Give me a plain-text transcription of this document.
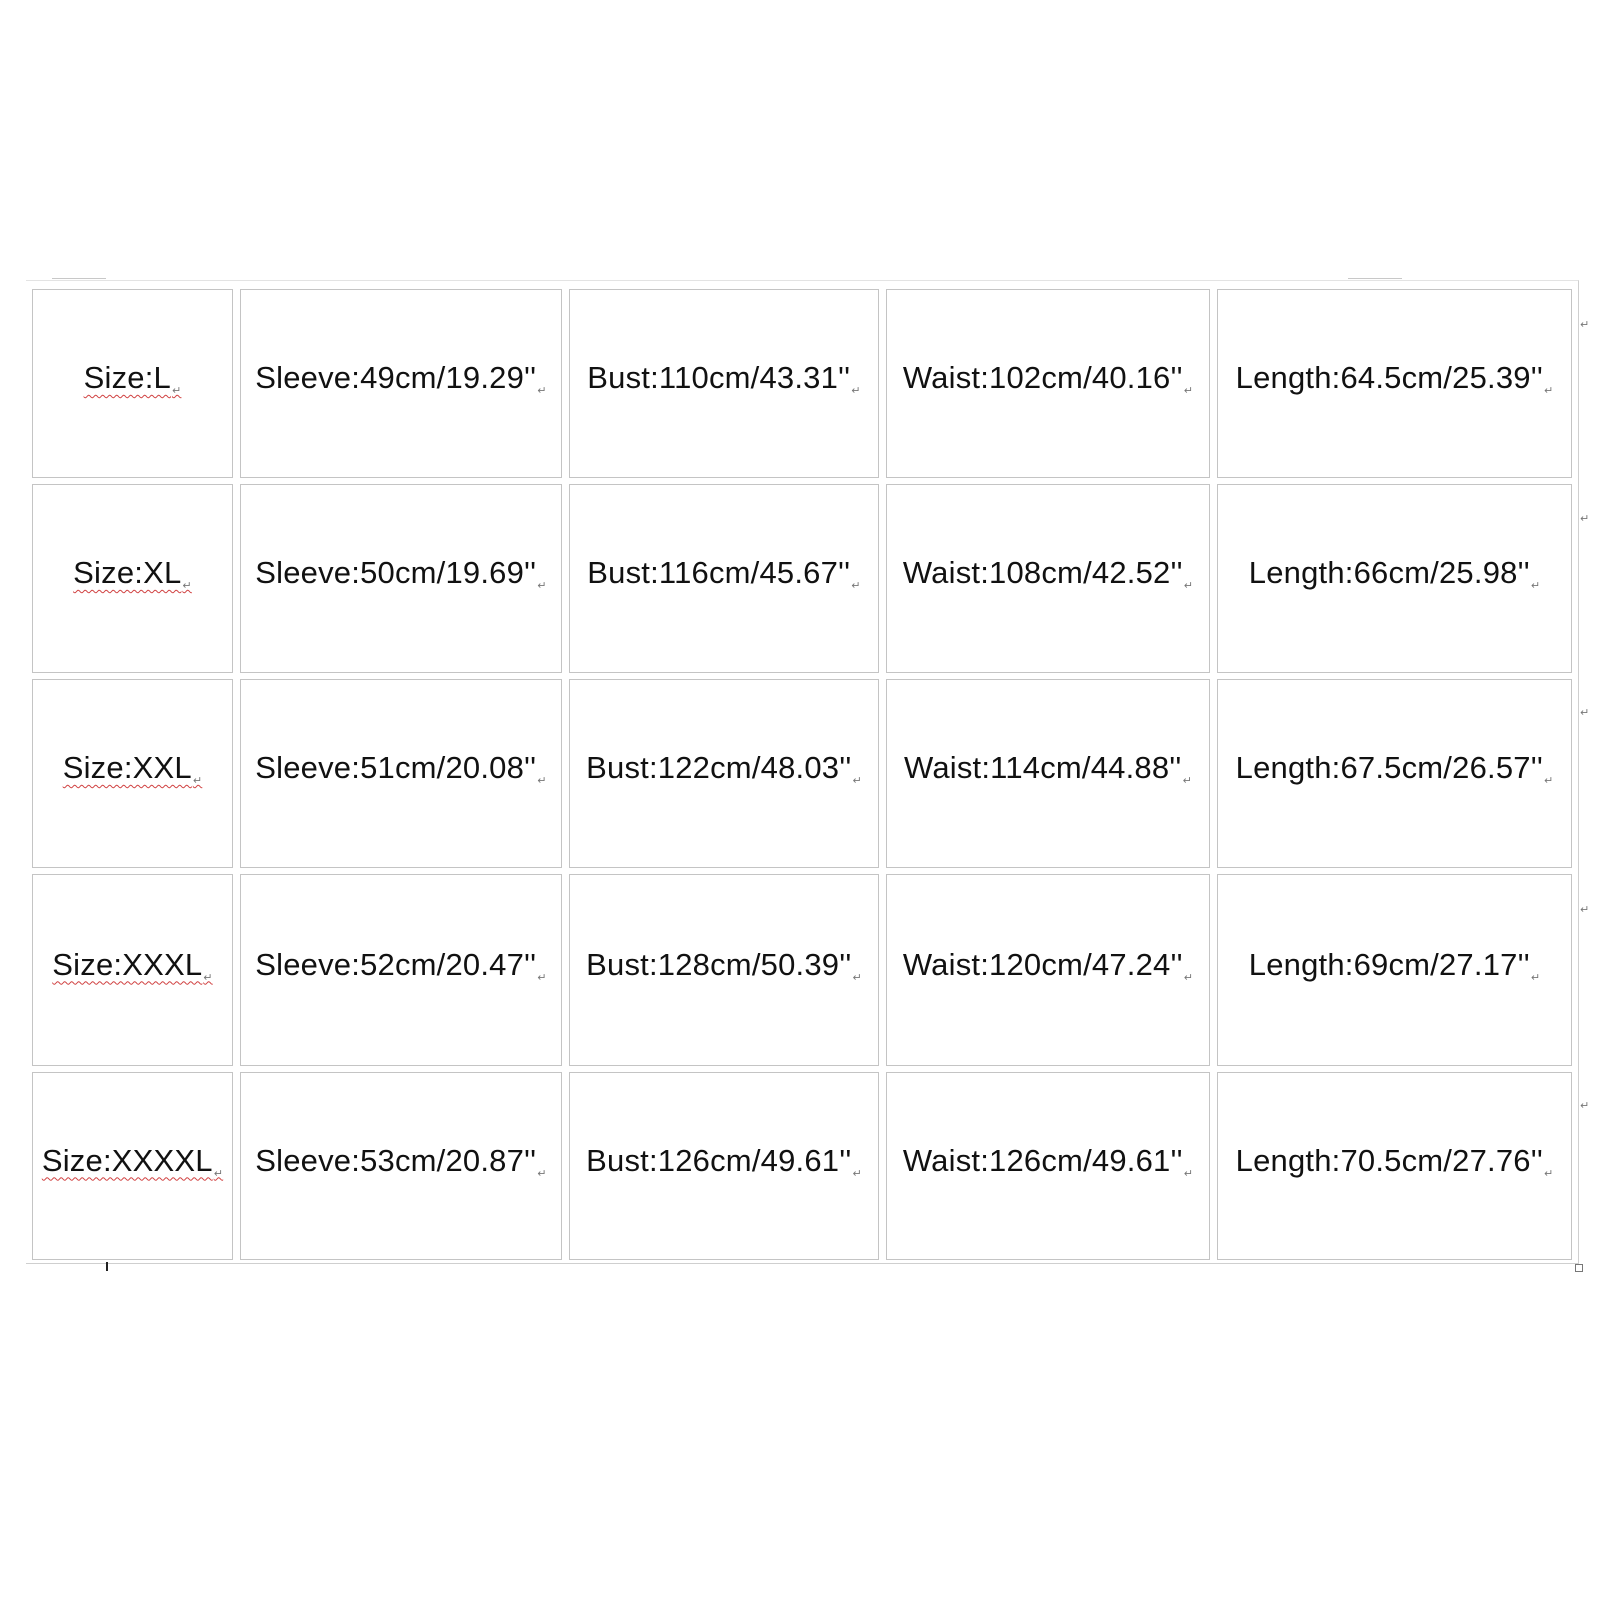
Size:L↵ Sleeve:49cm/19.29''↵ Bust:110cm/43.31''↵ Waist:102cm/40.16''↵ Length:64.5cm/25.39''↵
Size:XL↵ Sleeve:50cm/19.69''↵ Bust:116cm/45.67''↵ Waist:108cm/42.52''↵ Length:66cm/25.98''↵
Size:XXL↵ Sleeve:51cm/20.08''↵ Bust:122cm/48.03''↵ Waist:114cm/44.88''↵ Length:67.5cm/26.57''↵
Size:XXXL↵ Sleeve:52cm/20.47''↵ Bust:128cm/50.39''↵ Waist:120cm/47.24''↵ Length:69cm/27.17''↵
Size:XXXXL↵ Sleeve:53cm/20.87''↵ Bust:126cm/49.61''↵ Waist:126cm/49.61''↵ Length:70.5cm/27.76''↵
↵
↵
↵
↵
↵
